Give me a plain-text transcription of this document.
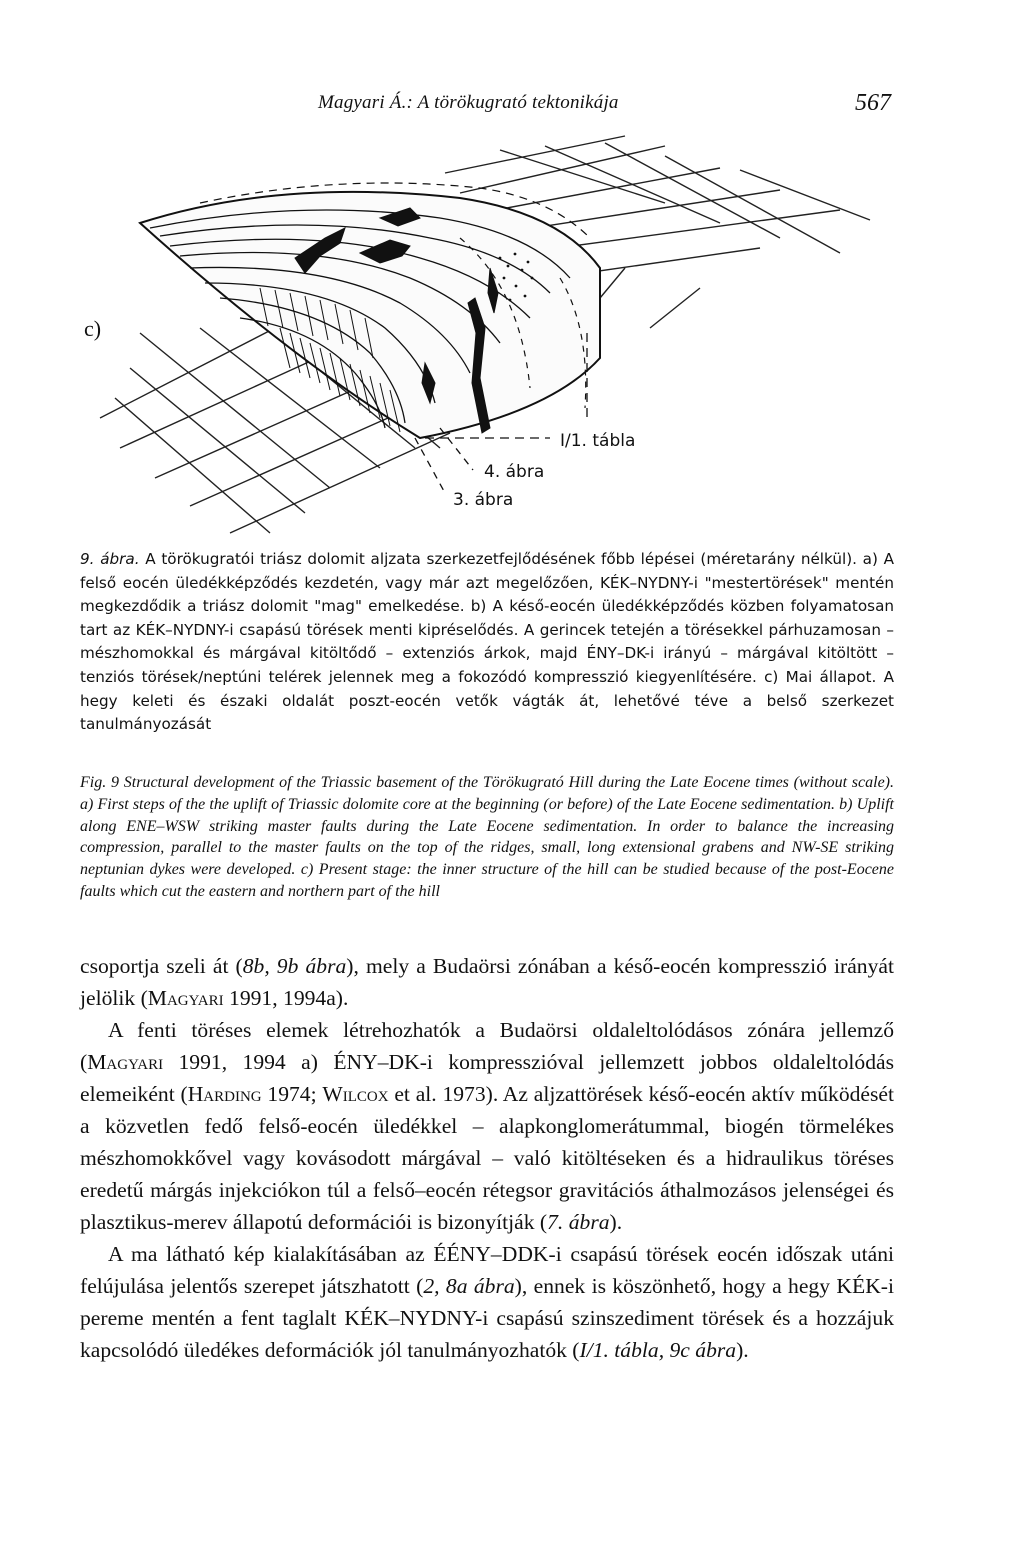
Magyari Á.: A törökugrató tektonikája	567
c)
I/1. tábla
4. ábra
3. ábra
9. ábra. A törökugratói triász dolomit aljzata szerkezetfejlődésének főbb lépései (méretarány nélkül). a) A felső eocén üledékképződés kezdetén, vagy már azt megelőzően, KÉK–NYDNY-i "mestertörések" mentén megkezdődik a triász dolomit "mag" emelkedése. b) A késő-eocén üledékképződés közben folyamatosan tart az KÉK–NYDNY-i csapású törések menti kipréselődés. A gerincek tetején a törésekkel párhuzamosan – mészhomokkal és márgával kitöltődő – extenziós árkok, majd ÉNY–DK-i irányú – márgával kitöltött – tenziós törések/neptúni telérek jelennek meg a fokozódó kompresszió kiegyenlítésére. c) Mai állapot. A hegy keleti és északi oldalát poszt-eocén vetők vágták át, lehetővé téve a belső szerkezet tanulmányozását
Fig. 9 Structural development of the Triassic basement of the Törökugrató Hill during the Late Eocene times (without scale). a) First steps of the the uplift of Triassic dolomite core at the beginning (or before) of the Late Eocene sedimentation. b) Uplift along ENE–WSW striking master faults during the Late Eocene sedimentation. In order to balance the increasing compression, parallel to the master faults on the top of the ridges, small, long extensional grabens and NW-SE striking neptunian dykes were developed. c) Present stage: the inner structure of the hill can be studied because of the post-Eocene faults which cut the eastern and northern part of the hill

csoportja szeli át (8b, 9b ábra), mely a Budaörsi zónában a késő-eocén kompresszió irányát jelölik (Magyari 1991, 1994a).

A fenti töréses elemek létrehozhatók a Budaörsi oldaleltolódásos zónára jellemző (Magyari 1991, 1994 a) ÉNY–DK-i kompresszióval jellemzett jobbos oldaleltolódás elemeiként (Harding 1974; Wilcox et al. 1973). Az aljzattörések késő-eocén aktív működését a közvetlen fedő felső-eocén üledékkel – alapkonglomerátummal, biogén törmelékes mészhomokkővel vagy kovásodott márgával – való kitöltéseken és a hidraulikus töréses eredetű márgás injekciókon túl a felső–eocén rétegsor gravitációs áthalmozásos jelenségei és plasztikus-merev állapotú deformációi is bizonyítják (7. ábra).

A ma látható kép kialakításában az ÉÉNY–DDK-i csapású törések eocén időszak utáni felújulása jelentős szerepet játszhatott (2, 8a ábra), ennek is köszönhető, hogy a hegy KÉK-i pereme mentén a fent taglalt KÉK–NYDNY-i csapású szinszediment törések és a hozzájuk kapcsolódó üledékes deformációk jól tanulmányozhatók (I/1. tábla, 9c ábra).
